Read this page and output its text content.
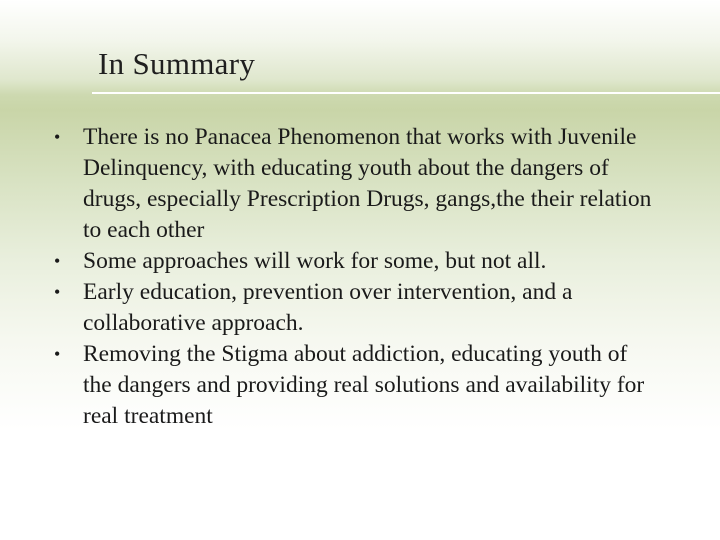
In Summary
• There is no Panacea Phenomenon that works with Juvenile Delinquency, with educating youth about the dangers of drugs, especially Prescription Drugs, gangs,the their relation to each other
• Some approaches will work for some, but not all.
• Early education, prevention over intervention, and a collaborative approach.
• Removing the Stigma about addiction, educating youth of the dangers and providing real solutions and availability for real treatment
